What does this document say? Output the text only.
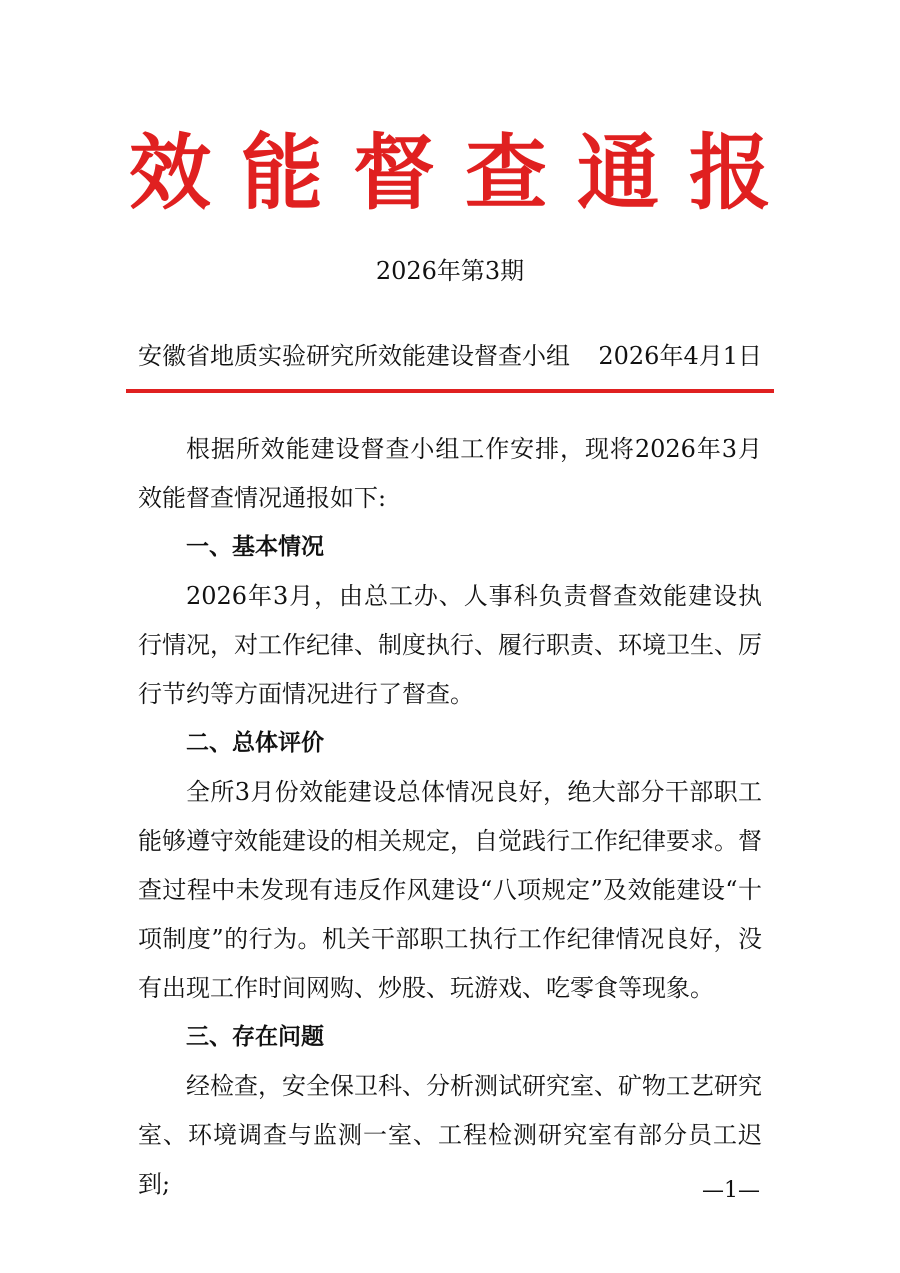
效能督查通报
2026年第3期
安徽省地质实验研究所效能建设督查小组 2026年4月1日

根据所效能建设督查小组工作安排，现将2026年3月效能督查情况通报如下:

一、基本情况

2026年3月，由总工办、人事科负责督查效能建设执行情况，对工作纪律、制度执行、履行职责、环境卫生、厉行节约等方面情况进行了督查。

二、总体评价

全所3月份效能建设总体情况良好，绝大部分干部职工能够遵守效能建设的相关规定，自觉践行工作纪律要求。督查过程中未发现有违反作风建设“八项规定”及效能建设“十项制度”的行为。机关干部职工执行工作纪律情况良好，没有出现工作时间网购、炒股、玩游戏、吃零食等现象。

三、存在问题

经检查，安全保卫科、分析测试研究室、矿物工艺研究室、环境调查与监测一室、工程检测研究室有部分员工迟到;	—1—
